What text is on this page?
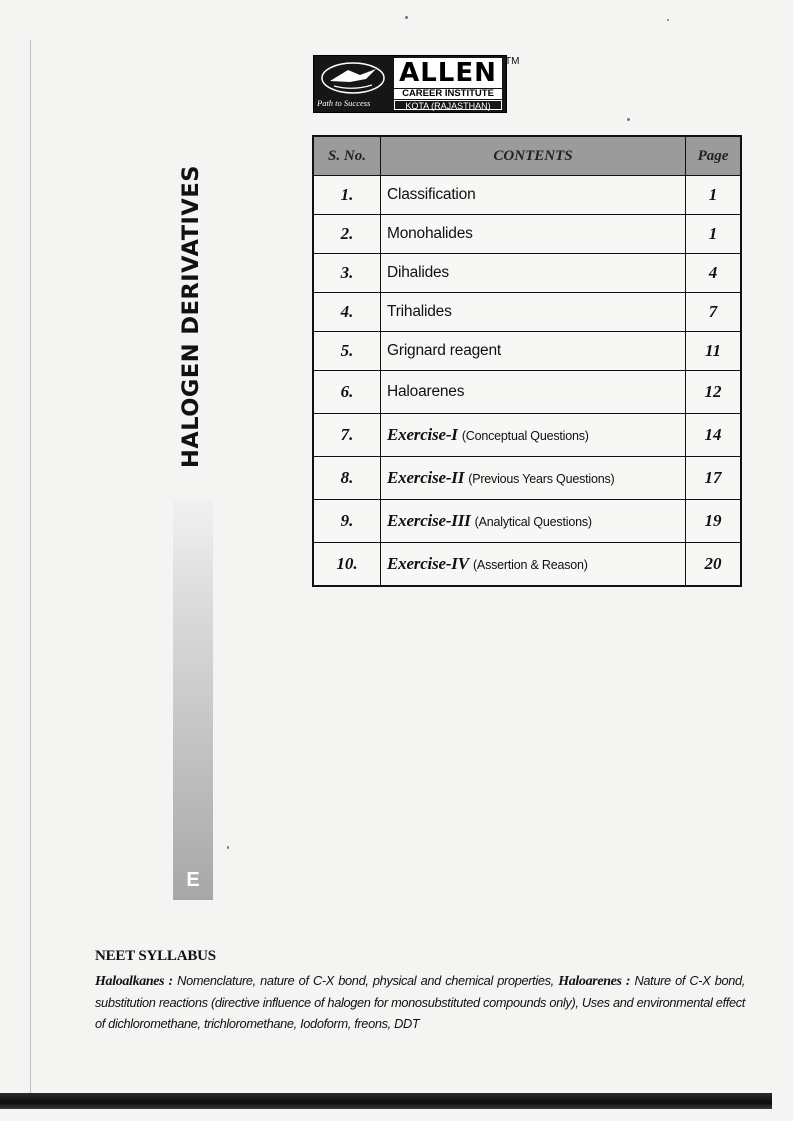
Path to Success
ALLEN
CAREER INSTITUTE
KOTA (RAJASTHAN)
TM
HALOGEN DERIVATIVES
E
S. No.	CONTENTS	Page
1.	Classification	1
2.	Monohalides	1
3.	Dihalides	4
4.	Trihalides	7
5.	Grignard reagent	11
6.	Haloarenes	12
7.	Exercise-I (Conceptual Questions)	14
8.	Exercise-II (Previous Years Questions)	17
9.	Exercise-III (Analytical Questions)	19
10.	Exercise-IV (Assertion & Reason)	20
NEET SYLLABUS
Haloalkanes : Nomenclature, nature of C-X bond, physical and chemical properties, Haloarenes : Nature of C-X bond, substitution reactions (directive influence of halogen for monosubstituted compounds only), Uses and environmental effect of dichloromethane, trichloromethane, Iodoform, freons, DDT
